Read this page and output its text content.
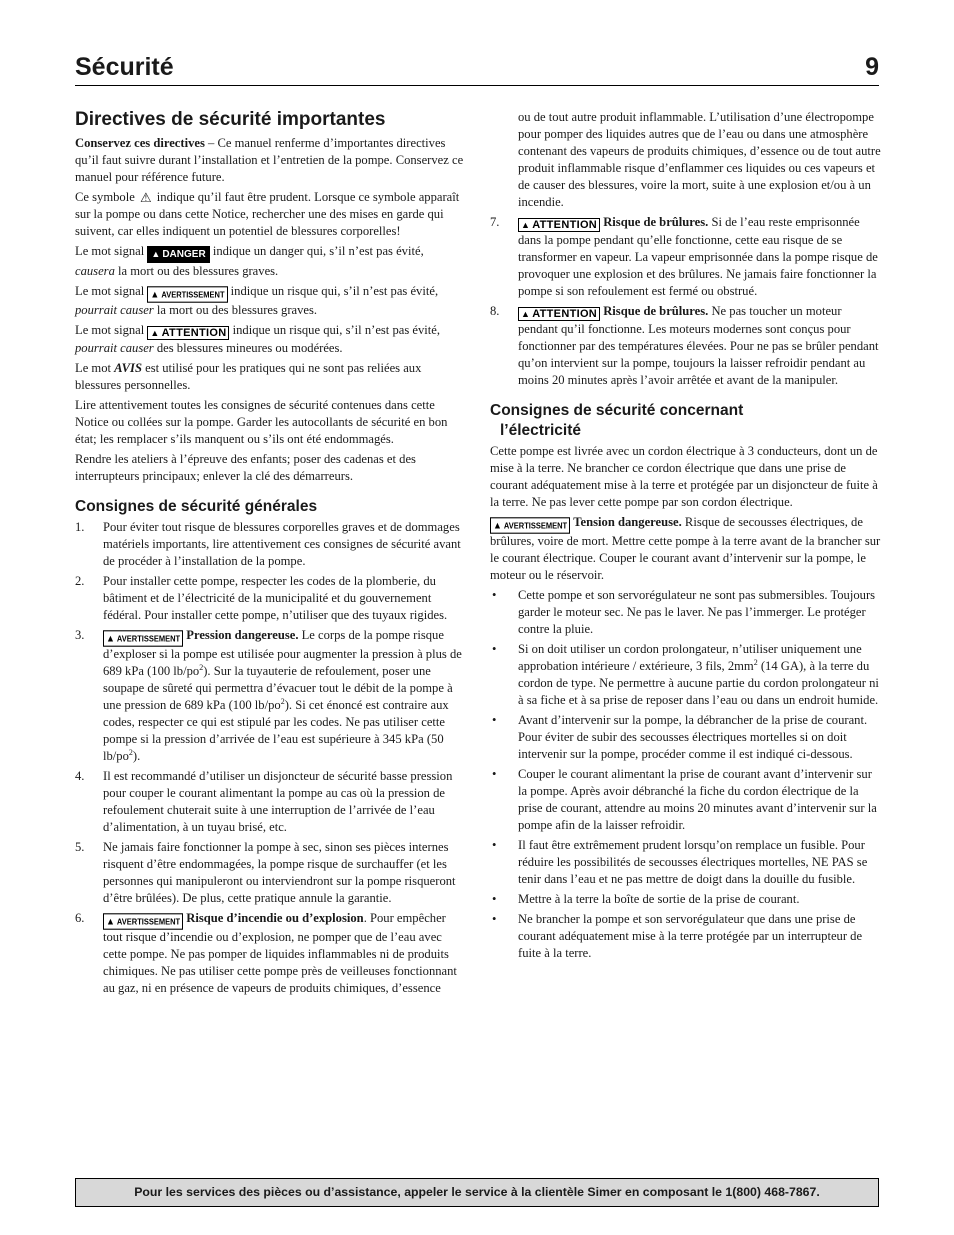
Sécurité	9
Directives de sécurité importantes

Conservez ces directives – Ce manuel renferme d’importantes directives qu’il faut suivre durant l’installation et l’entretien de la pompe. Conservez ce manuel pour référence future.

Ce symbole ⚠ indique qu’il faut être prudent. Lorsque ce symbole apparaît sur la pompe ou dans cette Notice, rechercher une des mises en garde qui suivent, car elles indiquent un potentiel de blessures corporelles!

Le mot signal ▲ DANGER indique un danger qui, s’il n’est pas évité, causera la mort ou des blessures graves.

Le mot signal ▲ AVERTISSEMENT indique un risque qui, s’il n’est pas évité, pourrait causer la mort ou des blessures graves.

Le mot signal ▲ ATTENTION indique un risque qui, s’il n’est pas évité, pourrait causer des blessures mineures ou modérées.

Le mot AVIS est utilisé pour les pratiques qui ne sont pas reliées aux blessures personnelles.

Lire attentivement toutes les consignes de sécurité contenues dans cette Notice ou collées sur la pompe. Garder les autocollants de sécurité en bon état; les remplacer s’ils manquent ou s’ils ont été endommagés.

Rendre les ateliers à l’épreuve des enfants; poser des cadenas et des interrupteurs principaux; enlever la clé des démarreurs.

Consignes de sécurité générales
1. Pour éviter tout risque de blessures corporelles graves et de dommages matériels importants, lire attentivement ces consignes de sécurité avant de procéder à l’installation de la pompe.
2. Pour installer cette pompe, respecter les codes de la plomberie, du bâtiment et de l’électricité de la municipalité et du gouvernement fédéral. Pour installer cette pompe, n’utiliser que des tuyaux rigides.
3. ▲ AVERTISSEMENT Pression dangereuse. Le corps de la pompe risque d’exploser si la pompe est utilisée pour augmenter la pression à plus de 689 kPa (100 $lb/po^2$). Sur la tuyauterie de refoulement, poser une soupape de sûreté qui permettra d’évacuer tout le débit de la pompe à une pression de 689 kPa (100 $lb/po^2$). Si cet énoncé est contraire aux codes, respecter ce qui est stipulé par les codes. Ne pas utiliser cette pompe si la pression d’arrivée de l’eau est supérieure à 345 kPa (50 $lb/po^2$).
4. Il est recommandé d’utiliser un disjoncteur de sécurité basse pression pour couper le courant alimentant la pompe au cas où la pression de refoulement chuterait suite à une interruption de l’arrivée de l’eau d’alimentation, à un tuyau brisé, etc.
5. Ne jamais faire fonctionner la pompe à sec, sinon ses pièces internes risquent d’être endommagées, la pompe risque de surchauffer (et les personnes qui manipuleront ou interviendront sur la pompe risqueront d’être brûlées). De plus, cette pratique annule la garantie.
6. ▲ AVERTISSEMENT Risque d’incendie ou d’explosion. Pour empêcher tout risque d’incendie ou d’explosion, ne pomper que de l’eau avec cette pompe. Ne pas pomper de liquides inflammables ni de produits chimiques. Ne pas utiliser cette pompe près de veilleuses fonctionnant au gaz, ni en présence de vapeurs de produits chimiques, d’essence
ou de tout autre produit inflammable. L’utilisation d’une électropompe pour pomper des liquides autres que de l’eau ou dans une atmosphère contenant des vapeurs de produits chimiques, d’essence ou de tout autre produit inflammable risque d’enflammer ces liquides ou ces vapeurs et de causer des blessures, voire la mort, suite à une explosion et/ou à un incendie.
7. ▲ ATTENTION Risque de brûlures. Si de l’eau reste emprisonnée dans la pompe pendant qu’elle fonctionne, cette eau risque de se transformer en vapeur. La vapeur emprisonnée dans la pompe risque de provoquer une explosion et des brûlures. Ne jamais faire fonctionner la pompe si son refoulement est fermé ou obstrué.
8. ▲ ATTENTION Risque de brûlures. Ne pas toucher un moteur pendant qu’il fonctionne. Les moteurs modernes sont conçus pour fonctionner par des températures élevées. Pour ne pas se brûler pendant qu’on intervient sur la pompe, toujours la laisser refroidir pendant au moins 20 minutes après l’avoir arrêtée et avant de la manipuler.
Consignes de sécurité concernant
l’électricité

Cette pompe est livrée avec un cordon électrique à 3 conducteurs, dont un de mise à la terre. Ne brancher ce cordon électrique que dans une prise de courant adéquatement mise à la terre et protégée par un disjoncteur de fuite à la terre. Ne pas lever cette pompe par son cordon électrique.

▲ AVERTISSEMENT Tension dangereuse. Risque de secousses électriques, de brûlures, voire de mort. Mettre cette pompe à la terre avant de la brancher sur le courant électrique. Couper le courant avant d’intervenir sur la pompe, le moteur ou le réservoir.

• Cette pompe et son servorégulateur ne sont pas submersibles. Toujours garder le moteur sec. Ne pas le laver. Ne pas l’immerger. Le protéger contre la pluie.
• Si on doit utiliser un cordon prolongateur, n’utiliser uniquement une approbation intérieure / extérieure, 3 fils, $2mm^2$ (14 GA), à la terre du cordon de type. Ne permettre à aucune partie du cordon prolongateur ni à sa fiche et à sa prise de reposer dans l’eau ou dans un endroit humide.
• Avant d’intervenir sur la pompe, la débrancher de la prise de courant. Pour éviter de subir des secousses électriques mortelles si on doit intervenir sur la pompe, procéder comme il est indiqué ci-dessous.
• Couper le courant alimentant la prise de courant avant d’intervenir sur la pompe. Après avoir débranché la fiche du cordon électrique de la prise de courant, attendre au moins 20 minutes avant d’intervenir sur la pompe afin de la laisser refroidir.
• Il faut être extrêmement prudent lorsqu’on remplace un fusible. Pour réduire les possibilités de secousses électriques mortelles, NE PAS se tenir dans l’eau et ne pas mettre de doigt dans la douille du fusible.
• Mettre à la terre la boîte de sortie de la prise de courant.
• Ne brancher la pompe et son servorégulateur que dans une prise de courant adéquatement mise à la terre protégée par un interrupteur de fuite à la terre.
Pour les services des pièces ou d’assistance, appeler le service à la clientèle Simer en composant le 1(800) 468-7867.
